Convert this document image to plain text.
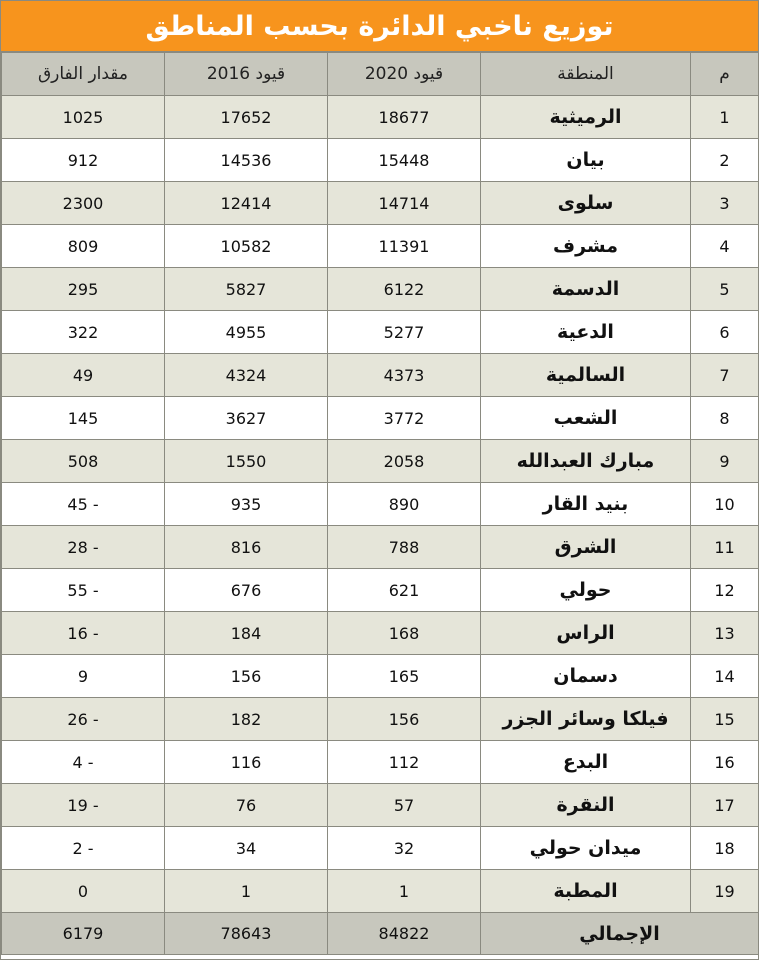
توزيع ناخبي الدائرة بحسب المناطق
م	المنطقة	قيود 2020	قيود 2016	مقدار الفارق
1	الرميثية	18677	17652	1025
2	بيان	15448	14536	912
3	سلوى	14714	12414	2300
4	مشرف	11391	10582	809
5	الدسمة	6122	5827	295
6	الدعية	5277	4955	322
7	السالمية	4373	4324	49
8	الشعب	3772	3627	145
9	مبارك العبدالله	2058	1550	508
10	بنيد القار	890	935	45 -
11	الشرق	788	816	28 -
12	حولي	621	676	55 -
13	الراس	168	184	16 -
14	دسمان	165	156	9
15	فيلكا وسائر الجزر	156	182	26 -
16	البدع	112	116	4 -
17	النقرة	57	76	19 -
18	ميدان حولي	32	34	2 -
19	المطبة	1	1	0
الإجمالي		84822	78643	6179
